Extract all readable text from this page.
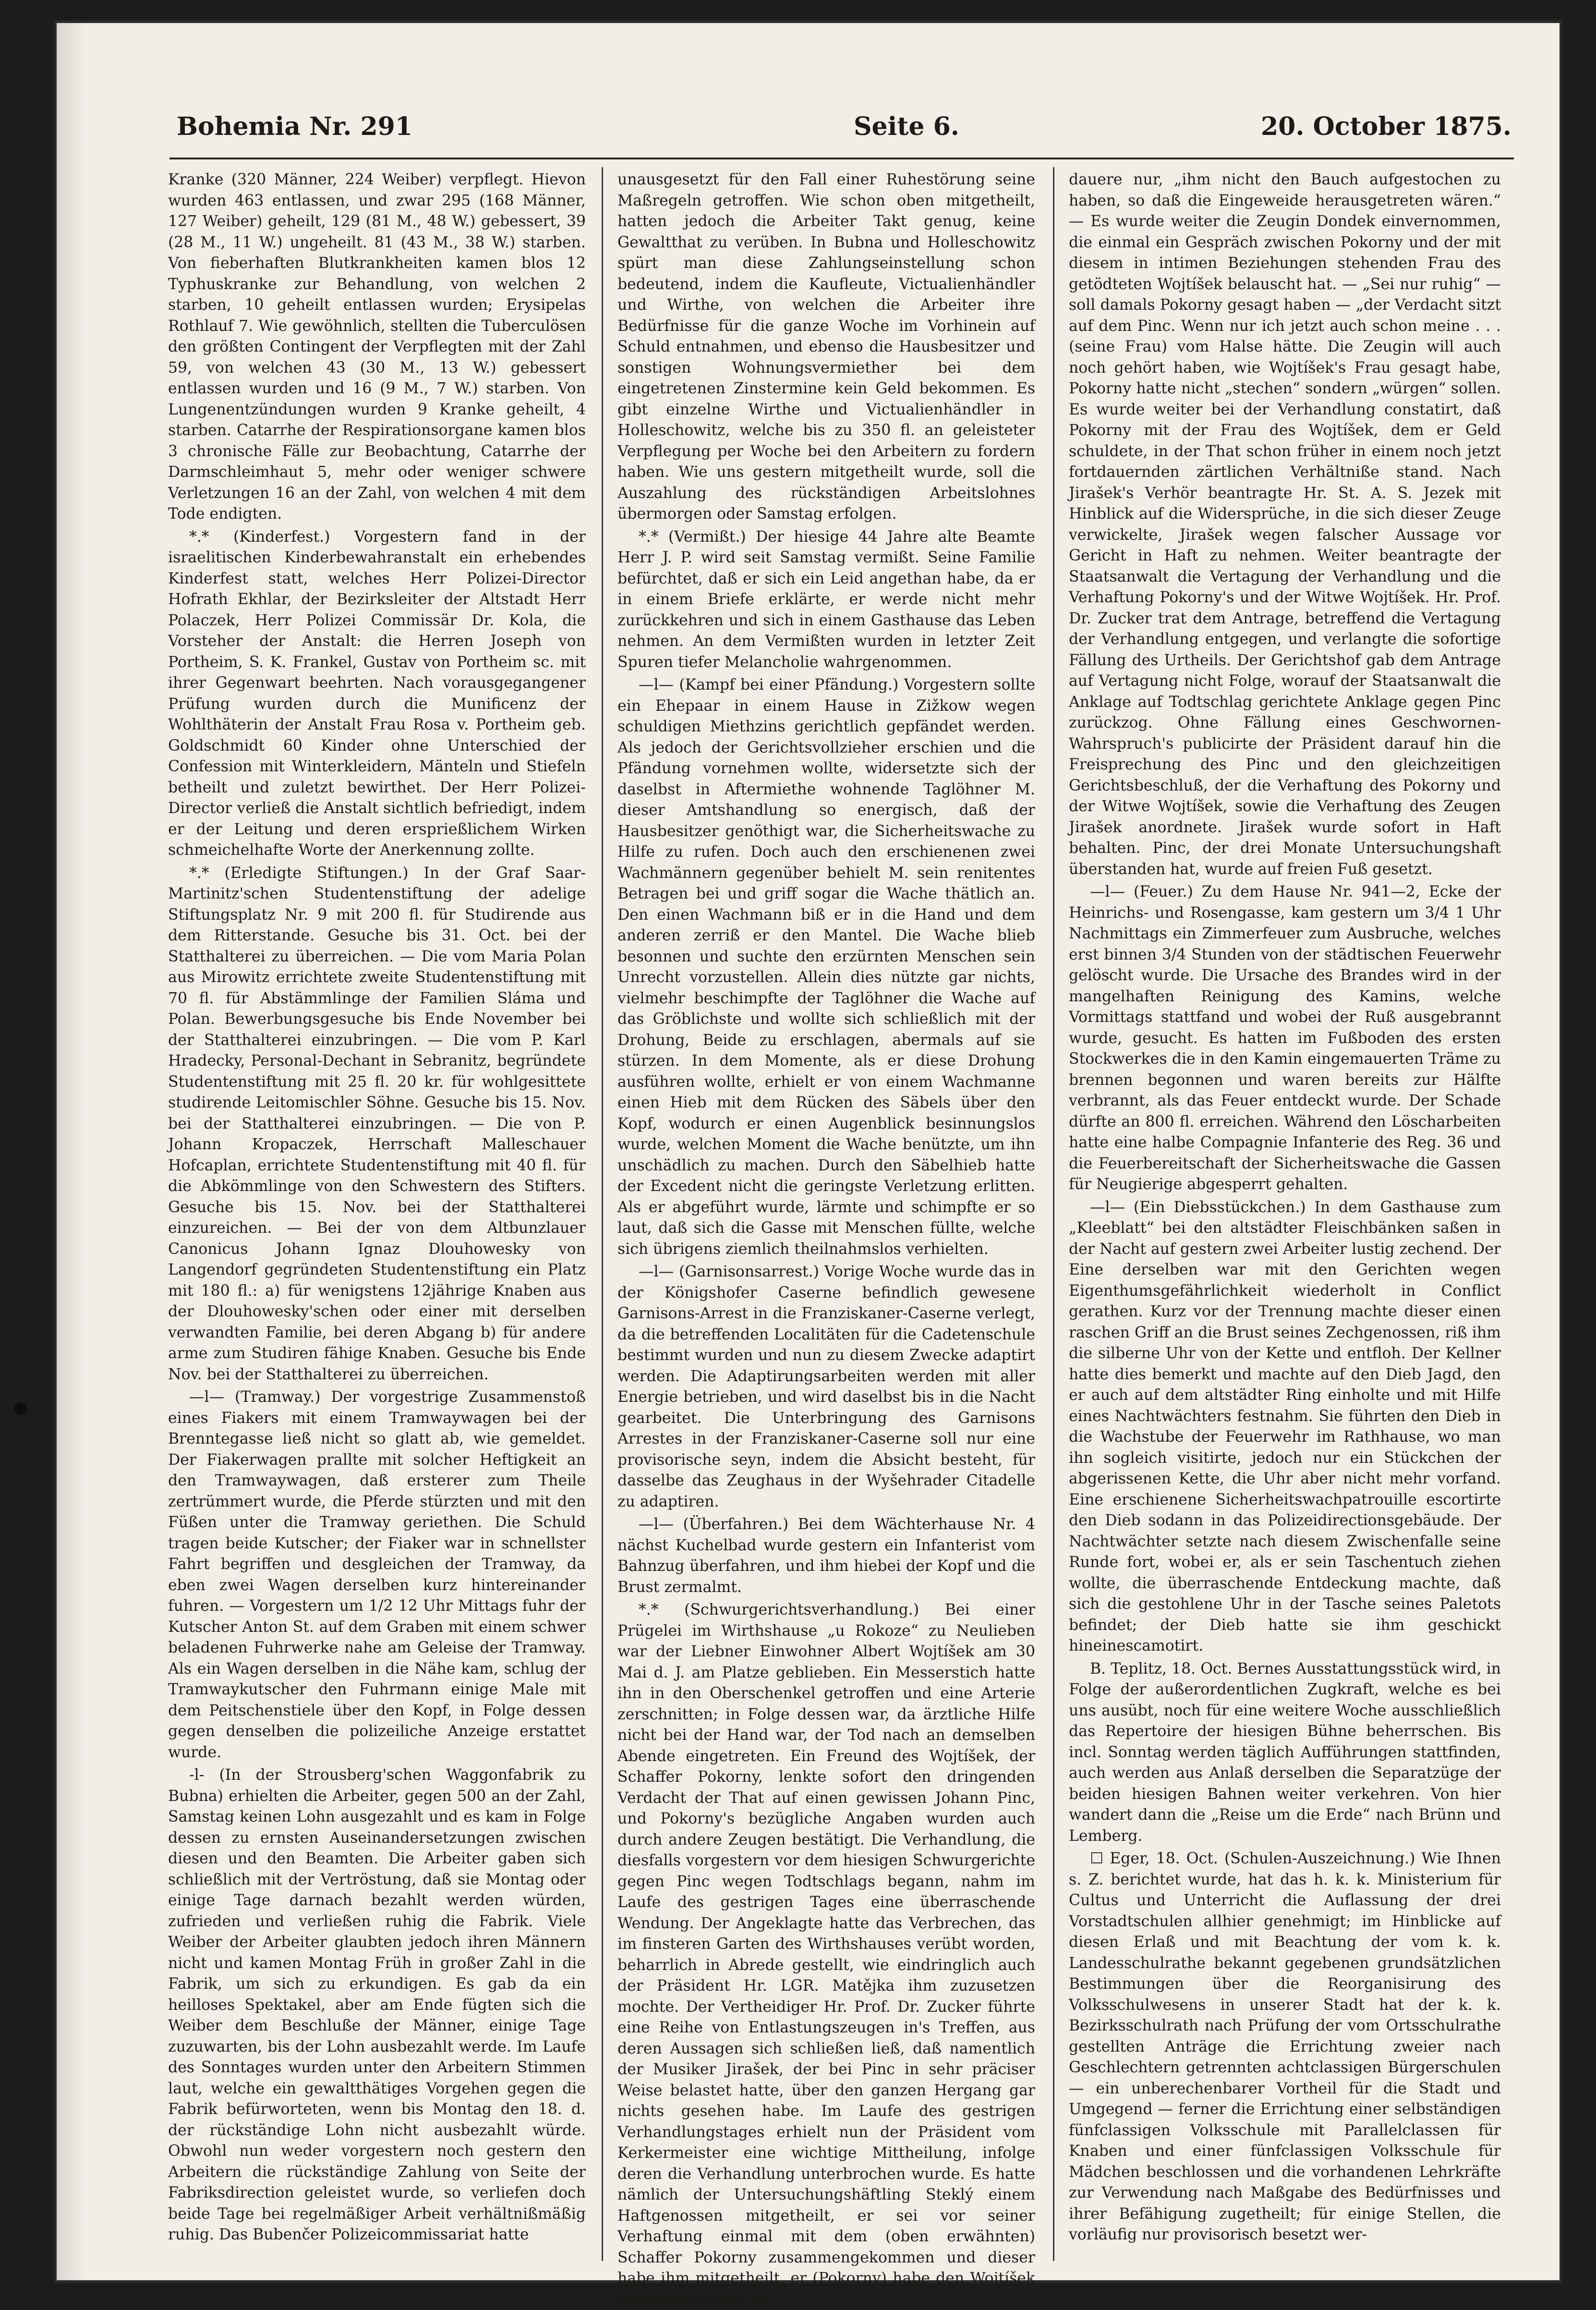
Bohemia Nr. 291	Seite 6.	20. October 1875.

Kranke (320 Männer, 224 Weiber) verpflegt. Hievon wurden 463 entlassen, und zwar 295 (168 Männer, 127 Weiber) geheilt, 129 (81 M., 48 W.) gebessert, 39 (28 M., 11 W.) ungeheilt. 81 (43 M., 38 W.) starben. Von fieberhaften Blutkrankheiten kamen blos 12 Typhuskranke zur Behandlung, von welchen 2 starben, 10 geheilt entlassen wurden; Erysipelas Rothlauf 7. Wie gewöhnlich, stellten die Tuberculösen den größten Contingent der Verpflegten mit der Zahl 59, von welchen 43 (30 M., 13 W.) gebessert entlassen wurden und 16 (9 M., 7 W.) starben. Von Lungenentzündungen wurden 9 Kranke geheilt, 4 starben. Catarrhe der Respirationsorgane kamen blos 3 chronische Fälle zur Beobachtung, Catarrhe der Darmschleimhaut 5, mehr oder weniger schwere Verletzungen 16 an der Zahl, von welchen 4 mit dem Tode endigten.

*.* (Kinderfest.) Vorgestern fand in der israelitischen Kinderbewahranstalt ein erhebendes Kinderfest statt, welches Herr Polizei-Director Hofrath Ekhlar, der Bezirksleiter der Altstadt Herr Polaczek, Herr Polizei Commissär Dr. Kola, die Vorsteher der Anstalt: die Herren Joseph von Portheim, S. K. Frankel, Gustav von Portheim sc. mit ihrer Gegenwart beehrten. Nach vorausgegangener Prüfung wurden durch die Munificenz der Wohlthäterin der Anstalt Frau Rosa v. Portheim geb. Goldschmidt 60 Kinder ohne Unterschied der Confession mit Winterkleidern, Mänteln und Stiefeln betheilt und zuletzt bewirthet. Der Herr Polizei-Director verließ die Anstalt sichtlich befriedigt, indem er der Leitung und deren ersprießlichem Wirken schmeichelhafte Worte der Anerkennung zollte.

*.* (Erledigte Stiftungen.) In der Graf Saar-Martinitz'schen Studentenstiftung der adelige Stiftungsplatz Nr. 9 mit 200 fl. für Studirende aus dem Ritterstande. Gesuche bis 31. Oct. bei der Statthalterei zu überreichen. — Die vom Maria Polan aus Mirowitz errichtete zweite Studentenstiftung mit 70 fl. für Abstämmlinge der Familien Sláma und Polan. Bewerbungsgesuche bis Ende November bei der Statthalterei einzubringen. — Die vom P. Karl Hradecky, Personal-Dechant in Sebranitz, begründete Studentenstiftung mit 25 fl. 20 kr. für wohlgesittete studirende Leitomischler Söhne. Gesuche bis 15. Nov. bei der Statthalterei einzubringen. — Die von P. Johann Kropaczek, Herrschaft Malleschauer Hofcaplan, errichtete Studentenstiftung mit 40 fl. für die Abkömmlinge von den Schwestern des Stifters. Gesuche bis 15. Nov. bei der Statthalterei einzureichen. — Bei der von dem Altbunzlauer Canonicus Johann Ignaz Dlouhowesky von Langendorf gegründeten Studentenstiftung ein Platz mit 180 fl.: a) für wenigstens 12jährige Knaben aus der Dlouhowesky'schen oder einer mit derselben verwandten Familie, bei deren Abgang b) für andere arme zum Studiren fähige Knaben. Gesuche bis Ende Nov. bei der Statthalterei zu überreichen.

—l— (Tramway.) Der vorgestrige Zusammenstoß eines Fiakers mit einem Tramwaywagen bei der Brenntegasse ließ nicht so glatt ab, wie gemeldet. Der Fiakerwagen prallte mit solcher Heftigkeit an den Tramwaywagen, daß ersterer zum Theile zertrümmert wurde, die Pferde stürzten und mit den Füßen unter die Tramway geriethen. Die Schuld tragen beide Kutscher; der Fiaker war in schnellster Fahrt begriffen und desgleichen der Tramway, da eben zwei Wagen derselben kurz hintereinander fuhren. — Vorgestern um 1/2 12 Uhr Mittags fuhr der Kutscher Anton St. auf dem Graben mit einem schwer beladenen Fuhrwerke nahe am Geleise der Tramway. Als ein Wagen derselben in die Nähe kam, schlug der Tramwaykutscher den Fuhrmann einige Male mit dem Peitschenstiele über den Kopf, in Folge dessen gegen denselben die polizeiliche Anzeige erstattet wurde.

-l- (In der Strousberg'schen Waggonfabrik zu Bubna) erhielten die Arbeiter, gegen 500 an der Zahl, Samstag keinen Lohn ausgezahlt und es kam in Folge dessen zu ernsten Auseinandersetzungen zwischen diesen und den Beamten. Die Arbeiter gaben sich schließlich mit der Vertröstung, daß sie Montag oder einige Tage darnach bezahlt werden würden, zufrieden und verließen ruhig die Fabrik. Viele Weiber der Arbeiter glaubten jedoch ihren Männern nicht und kamen Montag Früh in großer Zahl in die Fabrik, um sich zu erkundigen. Es gab da ein heilloses Spektakel, aber am Ende fügten sich die Weiber dem Beschluße der Männer, einige Tage zuzuwarten, bis der Lohn ausbezahlt werde. Im Laufe des Sonntages wurden unter den Arbeitern Stimmen laut, welche ein gewaltthätiges Vorgehen gegen die Fabrik befürworteten, wenn bis Montag den 18. d. der rückständige Lohn nicht ausbezahlt würde. Obwohl nun weder vorgestern noch gestern den Arbeitern die rückständige Zahlung von Seite der Fabriksdirection geleistet wurde, so verliefen doch beide Tage bei regelmäßiger Arbeit verhältnißmäßig ruhig. Das Bubenčer Polizeicommissariat hatte

unausgesetzt für den Fall einer Ruhestörung seine Maßregeln getroffen. Wie schon oben mitgetheilt, hatten jedoch die Arbeiter Takt genug, keine Gewaltthat zu verüben. In Bubna und Holleschowitz spürt man diese Zahlungseinstellung schon bedeutend, indem die Kaufleute, Victualienhändler und Wirthe, von welchen die Arbeiter ihre Bedürfnisse für die ganze Woche im Vorhinein auf Schuld entnahmen, und ebenso die Hausbesitzer und sonstigen Wohnungsvermiether bei dem eingetretenen Zinstermine kein Geld bekommen. Es gibt einzelne Wirthe und Victualienhändler in Holleschowitz, welche bis zu 350 fl. an geleisteter Verpflegung per Woche bei den Arbeitern zu fordern haben. Wie uns gestern mitgetheilt wurde, soll die Auszahlung des rückständigen Arbeitslohnes übermorgen oder Samstag erfolgen.

*.* (Vermißt.) Der hiesige 44 Jahre alte Beamte Herr J. P. wird seit Samstag vermißt. Seine Familie befürchtet, daß er sich ein Leid angethan habe, da er in einem Briefe erklärte, er werde nicht mehr zurückkehren und sich in einem Gasthause das Leben nehmen. An dem Vermißten wurden in letzter Zeit Spuren tiefer Melancholie wahrgenommen.

—l— (Kampf bei einer Pfändung.) Vorgestern sollte ein Ehepaar in einem Hause in Zižkow wegen schuldigen Miethzins gerichtlich gepfändet werden. Als jedoch der Gerichtsvollzieher erschien und die Pfändung vornehmen wollte, widersetzte sich der daselbst in Aftermiethe wohnende Taglöhner M. dieser Amtshandlung so energisch, daß der Hausbesitzer genöthigt war, die Sicherheitswache zu Hilfe zu rufen. Doch auch den erschienenen zwei Wachmännern gegenüber behielt M. sein renitentes Betragen bei und griff sogar die Wache thätlich an. Den einen Wachmann biß er in die Hand und dem anderen zerriß er den Mantel. Die Wache blieb besonnen und suchte den erzürnten Menschen sein Unrecht vorzustellen. Allein dies nützte gar nichts, vielmehr beschimpfte der Taglöhner die Wache auf das Gröblichste und wollte sich schließlich mit der Drohung, Beide zu erschlagen, abermals auf sie stürzen. In dem Momente, als er diese Drohung ausführen wollte, erhielt er von einem Wachmanne einen Hieb mit dem Rücken des Säbels über den Kopf, wodurch er einen Augenblick besinnungslos wurde, welchen Moment die Wache benützte, um ihn unschädlich zu machen. Durch den Säbelhieb hatte der Excedent nicht die geringste Verletzung erlitten. Als er abgeführt wurde, lärmte und schimpfte er so laut, daß sich die Gasse mit Menschen füllte, welche sich übrigens ziemlich theilnahmslos verhielten.

—l— (Garnisonsarrest.) Vorige Woche wurde das in der Königshofer Caserne befindlich gewesene Garnisons-Arrest in die Franziskaner-Caserne verlegt, da die betreffenden Localitäten für die Cadetenschule bestimmt wurden und nun zu diesem Zwecke adaptirt werden. Die Adaptirungsarbeiten werden mit aller Energie betrieben, und wird daselbst bis in die Nacht gearbeitet. Die Unterbringung des Garnisons Arrestes in der Franziskaner-Caserne soll nur eine provisorische seyn, indem die Absicht besteht, für dasselbe das Zeughaus in der Wyšehrader Citadelle zu adaptiren.

—l— (Überfahren.) Bei dem Wächterhause Nr. 4 nächst Kuchelbad wurde gestern ein Infanterist vom Bahnzug überfahren, und ihm hiebei der Kopf und die Brust zermalmt.

*.* (Schwurgerichtsverhandlung.) Bei einer Prügelei im Wirthshause „u Rokoze“ zu Neulieben war der Liebner Einwohner Albert Wojtíšek am 30 Mai d. J. am Platze geblieben. Ein Messerstich hatte ihn in den Oberschenkel getroffen und eine Arterie zerschnitten; in Folge dessen war, da ärztliche Hilfe nicht bei der Hand war, der Tod nach an demselben Abende eingetreten. Ein Freund des Wojtíšek, der Schaffer Pokorny, lenkte sofort den dringenden Verdacht der That auf einen gewissen Johann Pinc, und Pokorny's bezügliche Angaben wurden auch durch andere Zeugen bestätigt. Die Verhandlung, die diesfalls vorgestern vor dem hiesigen Schwurgerichte gegen Pinc wegen Todtschlags begann, nahm im Laufe des gestrigen Tages eine überraschende Wendung. Der Angeklagte hatte das Verbrechen, das im finsteren Garten des Wirthshauses verübt worden, beharrlich in Abrede gestellt, wie eindringlich auch der Präsident Hr. LGR. Matějka ihm zuzusetzen mochte. Der Vertheidiger Hr. Prof. Dr. Zucker führte eine Reihe von Entlastungszeugen in's Treffen, aus deren Aussagen sich schließen ließ, daß namentlich der Musiker Jirašek, der bei Pinc in sehr präciser Weise belastet hatte, über den ganzen Hergang gar nichts gesehen habe. Im Laufe des gestrigen Verhandlungstages erhielt nun der Präsident vom Kerkermeister eine wichtige Mittheilung, infolge deren die Verhandlung unterbrochen wurde. Es hatte nämlich der Untersuchungshäftling Steklý einem Haftgenossen mitgetheilt, er sei vor seiner Verhaftung einmal mit dem (oben erwähnten) Schaffer Pokorny zusammengekommen und dieser habe ihm mitgetheilt, er (Pokorny) habe den Wojtíšek umgebracht und be-

dauere nur, „ihm nicht den Bauch aufgestochen zu haben, so daß die Eingeweide herausgetreten wären.“ — Es wurde weiter die Zeugin Dondek einvernommen, die einmal ein Gespräch zwischen Pokorny und der mit diesem in intimen Beziehungen stehenden Frau des getödteten Wojtíšek belauscht hat. — „Sei nur ruhig“ — soll damals Pokorny gesagt haben — „der Verdacht sitzt auf dem Pinc. Wenn nur ich jetzt auch schon meine . . . (seine Frau) vom Halse hätte. Die Zeugin will auch noch gehört haben, wie Wojtíšek's Frau gesagt habe, Pokorny hatte nicht „stechen“ sondern „würgen“ sollen. Es wurde weiter bei der Verhandlung constatirt, daß Pokorny mit der Frau des Wojtíšek, dem er Geld schuldete, in der That schon früher in einem noch jetzt fortdauernden zärtlichen Verhältniße stand. Nach Jirašek's Verhör beantragte Hr. St. A. S. Jezek mit Hinblick auf die Widersprüche, in die sich dieser Zeuge verwickelte, Jirašek wegen falscher Aussage vor Gericht in Haft zu nehmen. Weiter beantragte der Staatsanwalt die Vertagung der Verhandlung und die Verhaftung Pokorny's und der Witwe Wojtíšek. Hr. Prof. Dr. Zucker trat dem Antrage, betreffend die Vertagung der Verhandlung entgegen, und verlangte die sofortige Fällung des Urtheils. Der Gerichtshof gab dem Antrage auf Vertagung nicht Folge, worauf der Staatsanwalt die Anklage auf Todtschlag gerichtete Anklage gegen Pinc zurückzog. Ohne Fällung eines Geschwornen-Wahrspruch's publicirte der Präsident darauf hin die Freisprechung des Pinc und den gleichzeitigen Gerichtsbeschluß, der die Verhaftung des Pokorny und der Witwe Wojtíšek, sowie die Verhaftung des Zeugen Jirašek anordnete. Jirašek wurde sofort in Haft behalten. Pinc, der drei Monate Untersuchungshaft überstanden hat, wurde auf freien Fuß gesetzt.

—l— (Feuer.) Zu dem Hause Nr. 941—2, Ecke der Heinrichs- und Rosengasse, kam gestern um 3/4 1 Uhr Nachmittags ein Zimmerfeuer zum Ausbruche, welches erst binnen 3/4 Stunden von der städtischen Feuerwehr gelöscht wurde. Die Ursache des Brandes wird in der mangelhaften Reinigung des Kamins, welche Vormittags stattfand und wobei der Ruß ausgebrannt wurde, gesucht. Es hatten im Fußboden des ersten Stockwerkes die in den Kamin eingemauerten Träme zu brennen begonnen und waren bereits zur Hälfte verbrannt, als das Feuer entdeckt wurde. Der Schade dürfte an 800 fl. erreichen. Während den Löscharbeiten hatte eine halbe Compagnie Infanterie des Reg. 36 und die Feuerbereitschaft der Sicherheitswache die Gassen für Neugierige abgesperrt gehalten.

—l— (Ein Diebsstückchen.) In dem Gasthause zum „Kleeblatt“ bei den altstädter Fleischbänken saßen in der Nacht auf gestern zwei Arbeiter lustig zechend. Der Eine derselben war mit den Gerichten wegen Eigenthumsgefährlichkeit wiederholt in Conflict gerathen. Kurz vor der Trennung machte dieser einen raschen Griff an die Brust seines Zechgenossen, riß ihm die silberne Uhr von der Kette und entfloh. Der Kellner hatte dies bemerkt und machte auf den Dieb Jagd, den er auch auf dem altstädter Ring einholte und mit Hilfe eines Nachtwächters festnahm. Sie führten den Dieb in die Wachstube der Feuerwehr im Rathhause, wo man ihn sogleich visitirte, jedoch nur ein Stückchen der abgerissenen Kette, die Uhr aber nicht mehr vorfand. Eine erschienene Sicherheitswachpatrouille escortirte den Dieb sodann in das Polizeidirectionsgebäude. Der Nachtwächter setzte nach diesem Zwischenfalle seine Runde fort, wobei er, als er sein Taschentuch ziehen wollte, die überraschende Entdeckung machte, daß sich die gestohlene Uhr in der Tasche seines Paletots befindet; der Dieb hatte sie ihm geschickt hineinescamotirt.

B. Teplitz, 18. Oct. Bernes Ausstattungsstück wird, in Folge der außerordentlichen Zugkraft, welche es bei uns ausübt, noch für eine weitere Woche ausschließlich das Repertoire der hiesigen Bühne beherrschen. Bis incl. Sonntag werden täglich Aufführungen stattfinden, auch werden aus Anlaß derselben die Separatzüge der beiden hiesigen Bahnen weiter verkehren. Von hier wandert dann die „Reise um die Erde“ nach Brünn und Lemberg.

☐ Eger, 18. Oct. (Schulen-Auszeichnung.) Wie Ihnen s. Z. berichtet wurde, hat das h. k. k. Ministerium für Cultus und Unterricht die Auflassung der drei Vorstadtschulen allhier genehmigt; im Hinblicke auf diesen Erlaß und mit Beachtung der vom k. k. Landesschulrathe bekannt gegebenen grundsätzlichen Bestimmungen über die Reorganisirung des Volksschulwesens in unserer Stadt hat der k. k. Bezirksschulrath nach Prüfung der vom Ortsschulrathe gestellten Anträge die Errichtung zweier nach Geschlechtern getrennten achtclassigen Bürgerschulen — ein unberechenbarer Vortheil für die Stadt und Umgegend — ferner die Errichtung einer selbständigen fünfclassigen Volksschule mit Parallelclassen für Knaben und einer fünfclassigen Volksschule für Mädchen beschlossen und die vorhandenen Lehrkräfte zur Verwendung nach Maßgabe des Bedürfnisses und ihrer Befähigung zugetheilt; für einige Stellen, die vorläufig nur provisorisch besetzt wer-
